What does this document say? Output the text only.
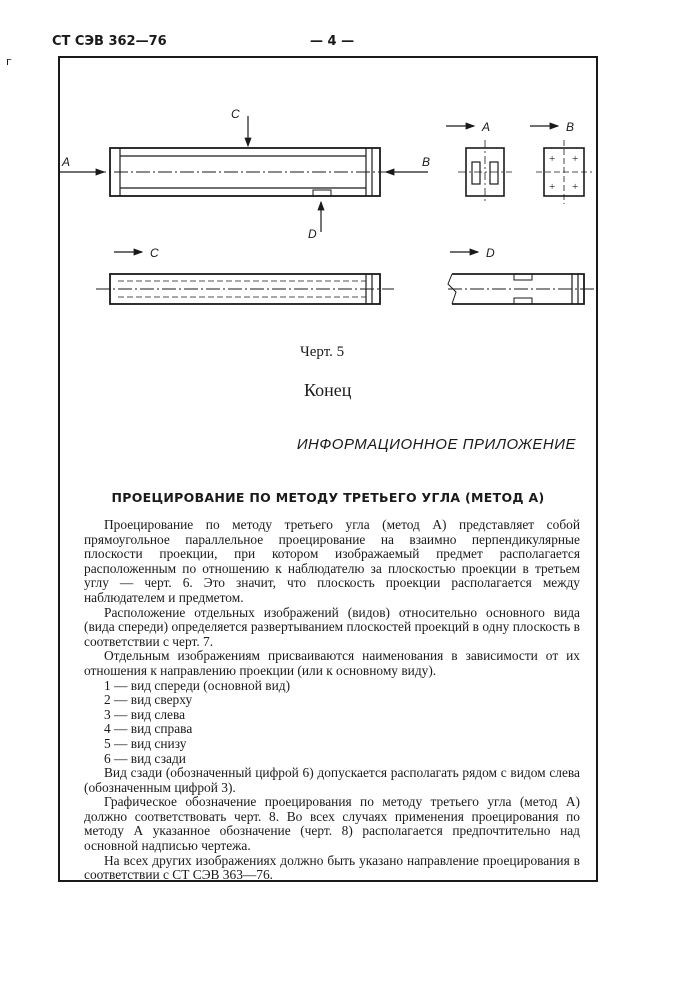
СТ СЭВ 362—76	— 4 —
г
C
A	B
D
A	B
+ +
+ +
C	D
Черт. 5
Конец
ИНФОРМАЦИОННОЕ ПРИЛОЖЕНИЕ
ПРОЕЦИРОВАНИЕ ПО МЕТОДУ ТРЕТЬЕГО УГЛА (МЕТОД А)

Проецирование по методу третьего угла (метод А) представляет собой прямоугольное параллельное проецирование на взаимно перпендикулярные плоскости проекции, при котором изображаемый предмет располагается расположенным по отношению к наблюдателю за плоскостью проекции в третьем углу — черт. 6. Это значит, что плоскость проекции располагается между наблюдателем и предметом.

Расположение отдельных изображений (видов) относительно основного вида (вида спереди) определяется развертыванием плоскостей проекций в одну плоскость в соответствии с черт. 7.

Отдельным изображениям присваиваются наименования в зависимости от их отношения к направлению проекции (или к основному виду).

1 — вид спереди (основной вид)
2 — вид сверху
3 — вид слева
4 — вид справа
5 — вид снизу
6 — вид сзади

Вид сзади (обозначенный цифрой 6) допускается располагать рядом с видом слева (обозначенным цифрой 3).

Графическое обозначение проецирования по методу третьего угла (метод А) должно соответствовать черт. 8. Во всех случаях применения проецирования по методу А указанное обозначение (черт. 8) располагается предпочтительно над основной надписью чертежа.

На всех других изображениях должно быть указано направление проецирования в соответствии с СТ СЭВ 363—76.
